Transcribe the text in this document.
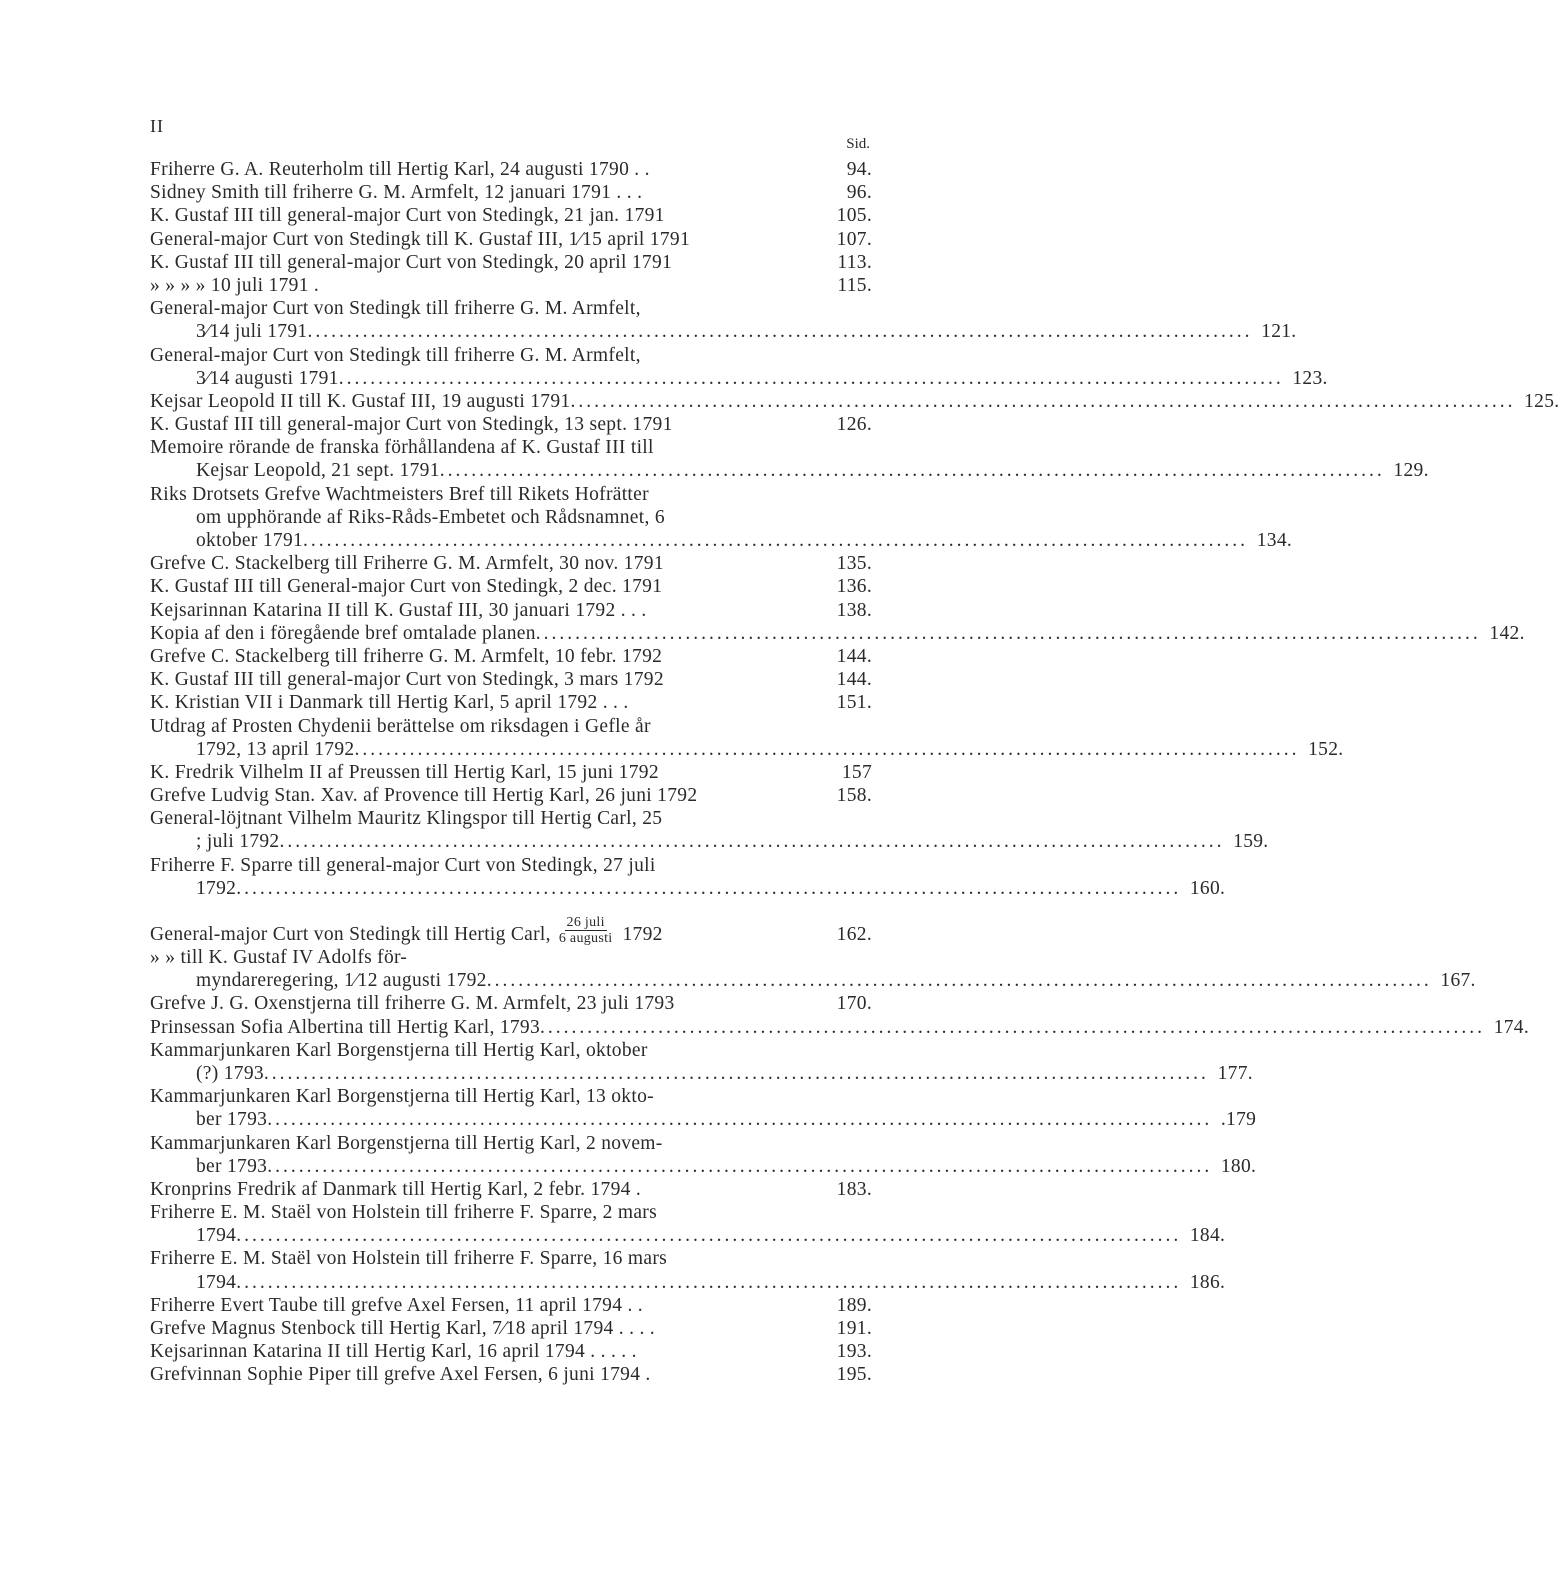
II
Sid.
Friherre G. A. Reuterholm till Hertig Karl, 24 augusti 1790 . .	94.
Sidney Smith till friherre G. M. Armfelt, 12 januari 1791 . . .	96.
K. Gustaf III till general-major Curt von Stedingk, 21 jan. 1791	105.
General-major Curt von Stedingk till K. Gustaf III, 1⁄15 april 1791	107.
K. Gustaf III till general-major Curt von Stedingk, 20 april 1791	113.
» » » » 10 juli 1791 .	115.
General-major Curt von Stedingk till friherre G. M. Armfelt,
3⁄14 juli 1791 .....	121.
General-major Curt von Stedingk till friherre G. M. Armfelt,
3⁄14 augusti 1791 .....	123.
Kejsar Leopold II till K. Gustaf III, 19 augusti 1791 .....	125.
K. Gustaf III till general-major Curt von Stedingk, 13 sept. 1791	126.
Memoire rörande de franska förhållandena af K. Gustaf III till
Kejsar Leopold, 21 sept. 1791 .....	129.
Riks Drotsets Grefve Wachtmeisters Bref till Rikets Hofrätter
om upphörande af Riks-Råds-Embetet och Rådsnamnet, 6
oktober 1791 .....	134.
Grefve C. Stackelberg till Friherre G. M. Armfelt, 30 nov. 1791	135.
K. Gustaf III till General-major Curt von Stedingk, 2 dec. 1791	136.
Kejsarinnan Katarina II till K. Gustaf III, 30 januari 1792 . . .	138.
Kopia af den i föregående bref omtalade planen .....	142.
Grefve C. Stackelberg till friherre G. M. Armfelt, 10 febr. 1792	144.
K. Gustaf III till general-major Curt von Stedingk, 3 mars 1792	144.
K. Kristian VII i Danmark till Hertig Karl, 5 april 1792 . . .	151.
Utdrag af Prosten Chydenii berättelse om riksdagen i Gefle år
1792, 13 april 1792 .....	152.
K. Fredrik Vilhelm II af Preussen till Hertig Karl, 15 juni 1792	157
Grefve Ludvig Stan. Xav. af Provence till Hertig Karl, 26 juni 1792	158.
General-löjtnant Vilhelm Mauritz Klingspor till Hertig Carl, 25
; juli 1792 .....	159.
Friherre F. Sparre till general-major Curt von Stedingk, 27 juli
1792 .....	160.
General-major Curt von Stedingk till Hertig Carl, $\frac{\text{26 juli}}{\text{6 augusti}} 1792$	162.
» » till K. Gustaf IV Adolfs för-
myndareregering, 1⁄12 augusti 1792 .....	167.
Grefve J. G. Oxenstjerna till friherre G. M. Armfelt, 23 juli 1793	170.
Prinsessan Sofia Albertina till Hertig Karl, 1793 .....	174.
Kammarjunkaren Karl Borgenstjerna till Hertig Karl, oktober
(?) 1793 .....	177.
Kammarjunkaren Karl Borgenstjerna till Hertig Karl, 13 okto-
ber 1793 .....	.179
Kammarjunkaren Karl Borgenstjerna till Hertig Karl, 2 novem-
ber 1793 .....	180.
Kronprins Fredrik af Danmark till Hertig Karl, 2 febr. 1794 .	183.
Friherre E. M. Staël von Holstein till friherre F. Sparre, 2 mars
1794 .....	184.
Friherre E. M. Staël von Holstein till friherre F. Sparre, 16 mars
1794 .....	186.
Friherre Evert Taube till grefve Axel Fersen, 11 april 1794 . .	189.
Grefve Magnus Stenbock till Hertig Karl, 7⁄18 april 1794 . . . .	191.
Kejsarinnan Katarina II till Hertig Karl, 16 april 1794 . . . . .	193.
Grefvinnan Sophie Piper till grefve Axel Fersen, 6 juni 1794 .	195.
